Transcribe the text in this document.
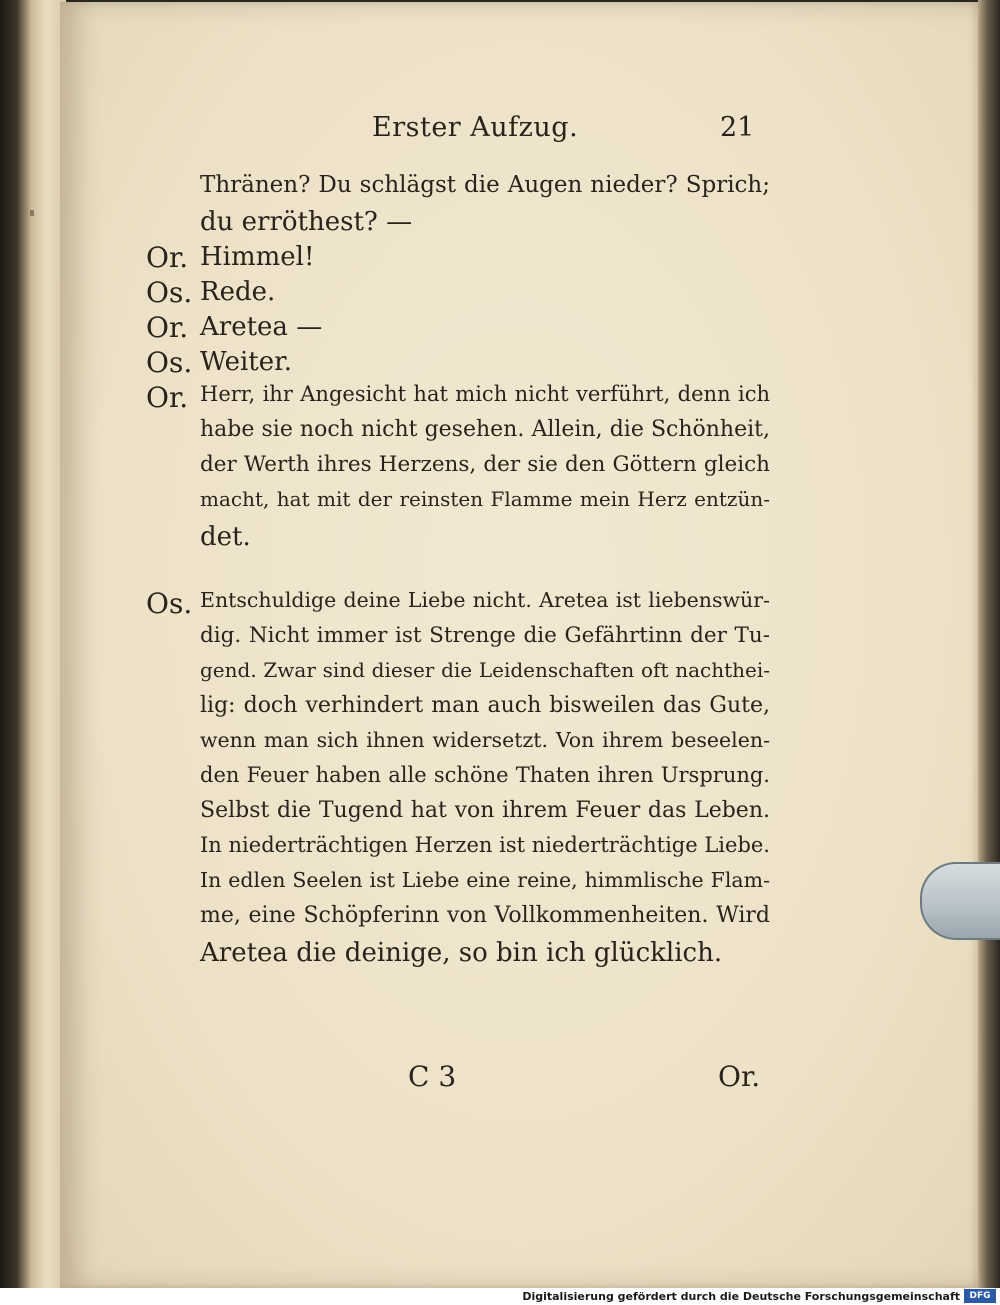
Erster Aufzug.	21
Thränen? Du schlägst die Augen nieder? Sprich;
du erröthest? —
Or. Himmel!
Os. Rede.
Or. Aretea —
Os. Weiter.
Or. Herr, ihr Angesicht hat mich nicht verführt, denn ich
habe sie noch nicht gesehen. Allein, die Schönheit,
der Werth ihres Herzens, der sie den Göttern gleich
macht, hat mit der reinsten Flamme mein Herz entzün-
det.
Os. Entschuldige deine Liebe nicht. Aretea ist liebenswür-
dig. Nicht immer ist Strenge die Gefährtinn der Tu-
gend. Zwar sind dieser die Leidenschaften oft nachthei-
lig: doch verhindert man auch bisweilen das Gute,
wenn man sich ihnen widersetzt. Von ihrem beseelen-
den Feuer haben alle schöne Thaten ihren Ursprung.
Selbst die Tugend hat von ihrem Feuer das Leben.
In niederträchtigen Herzen ist niederträchtige Liebe.
In edlen Seelen ist Liebe eine reine, himmlische Flam-
me, eine Schöpferinn von Vollkommenheiten. Wird
Aretea die deinige, so bin ich glücklich.
C 3	Or.
Digitalisierung gefördert durch die Deutsche Forschungsgemeinschaft	DFG
